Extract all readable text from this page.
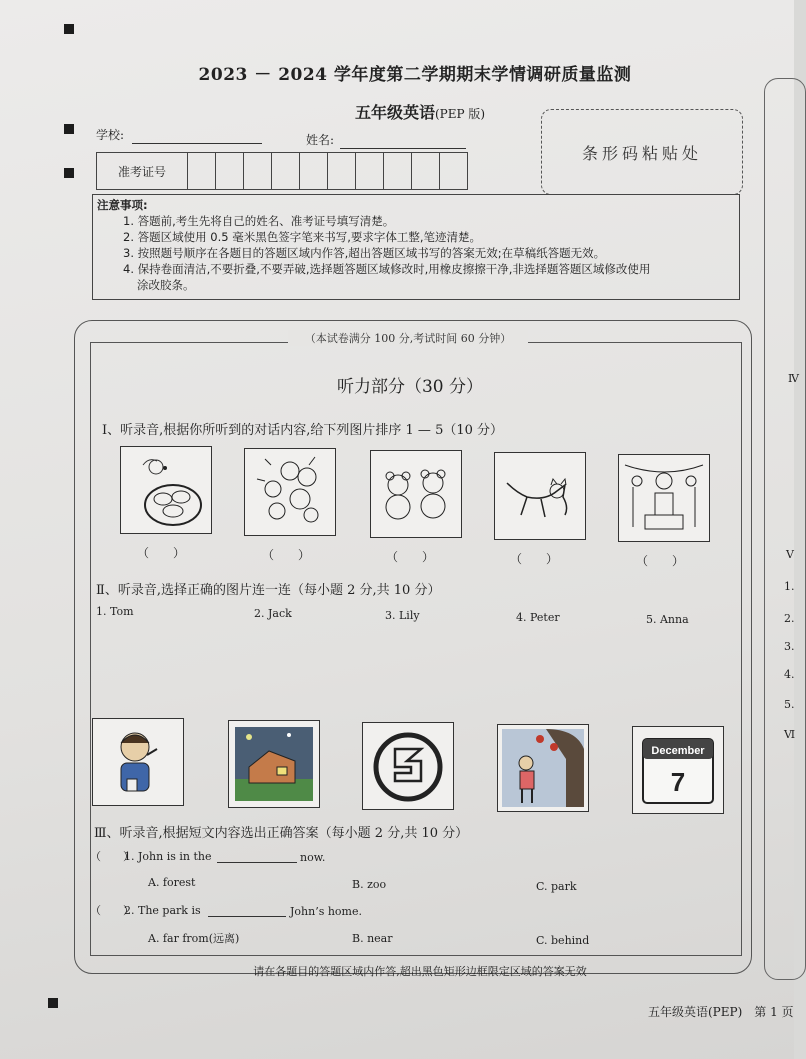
2023 － 2024 学年度第二学期期末学情调研质量监测
五年级英语(PEP 版)
学校:	姓名:
准考证号
条形码粘贴处
注意事项:
1. 答题前,考生先将自己的姓名、准考证号填写清楚。
2. 答题区域使用 0.5 毫米黑色签字笔来书写,要求字体工整,笔迹清楚。
3. 按照题号顺序在各题目的答题区域内作答,超出答题区域书写的答案无效;在草稿纸答题无效。
4. 保持卷面清洁,不要折叠,不要弄破,选择题答题区域修改时,用橡皮擦擦干净,非选择题答题区域修改使用
涂改胶条。
（本试卷满分 100 分,考试时间 60 分钟）
听力部分（30 分）
Ⅰ、听录音,根据你所听到的对话内容,给下列图片排序 1 — 5（10 分）
（　　）	（　　）	（　　）	（　　）	（　　）
Ⅱ、听录音,选择正确的图片连一连（每小题 2 分,共 10 分）
1. Tom	2. Jack	3. Lily	4. Peter	5. Anna
December
7
Ⅲ、听录音,根据短文内容选出正确答案（每小题 2 分,共 10 分）
（　　）
1. John is in the	now.
A. forest	B. zoo	C. park
（　　）
2. The park is	John’s home.
A. far from(远离)	B. near	C. behind
请在各题目的答题区域内作答,超出黑色矩形边框限定区域的答案无效
五年级英语(PEP)　第 1 页
Ⅳ
V
1.
2.
3.
4.
5.
Ⅵ
